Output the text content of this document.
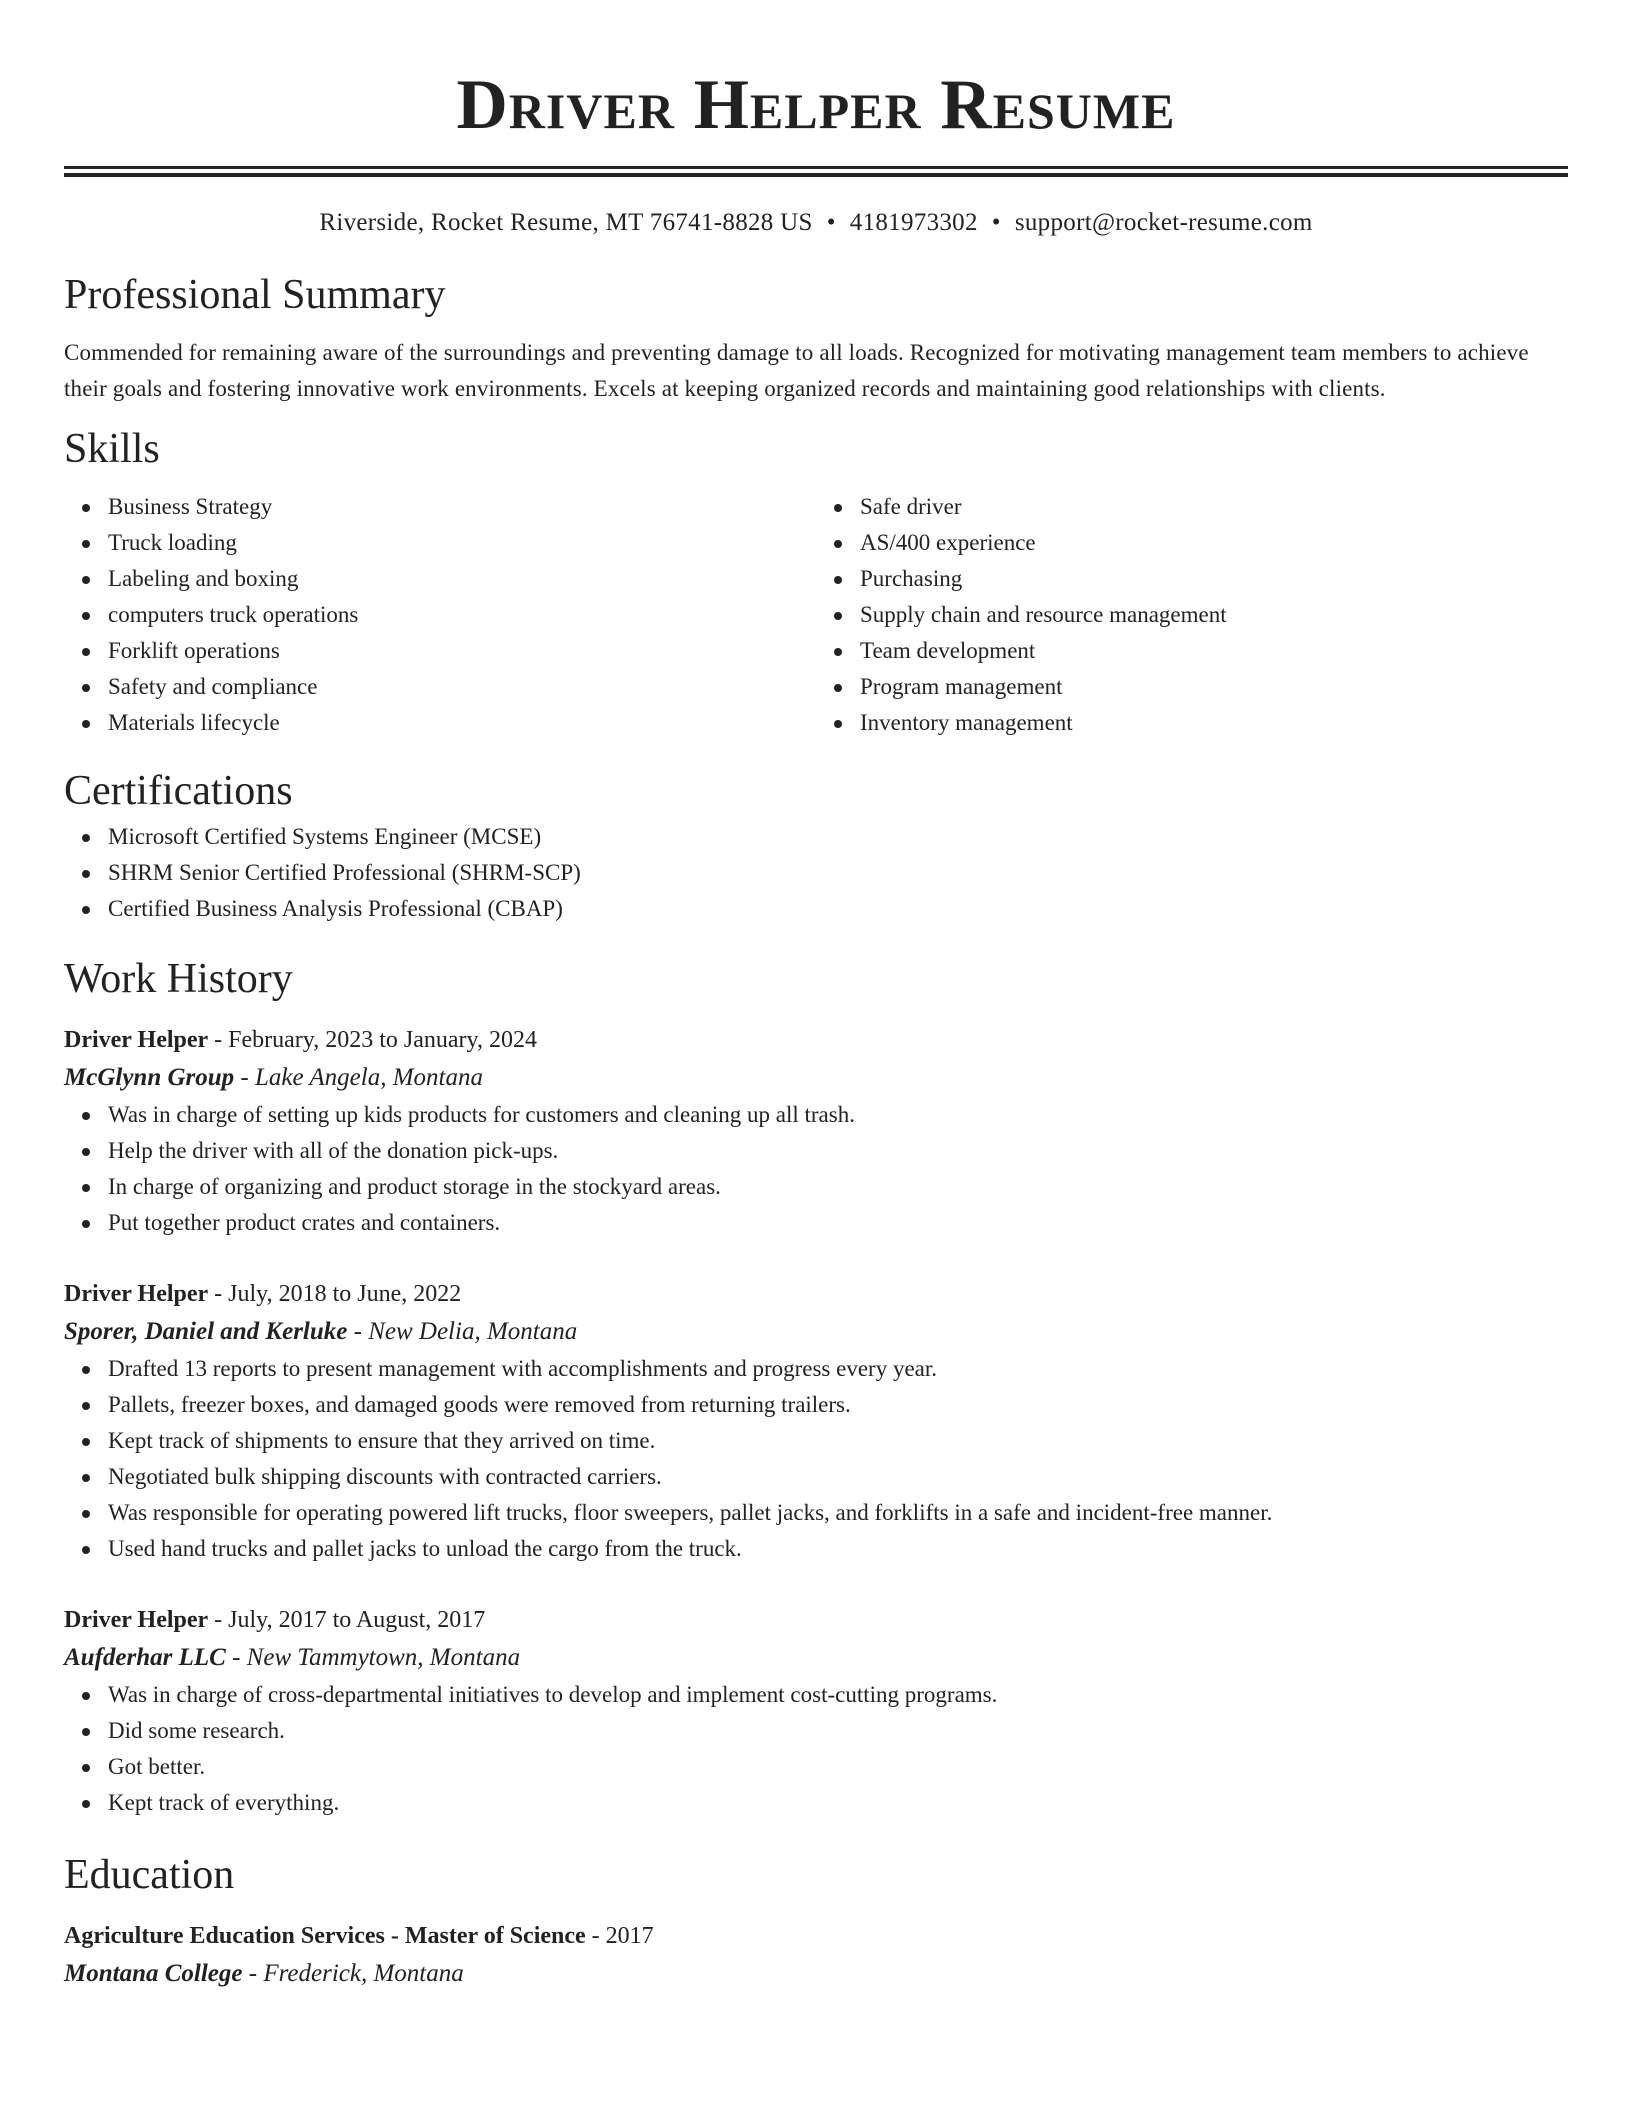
Driver Helper Resume
Riverside, Rocket Resume, MT 76741-8828 US • 4181973302 • support@rocket-resume.com
Professional Summary
Commended for remaining aware of the surroundings and preventing damage to all loads. Recognized for motivating management team members to achieve their goals and fostering innovative work environments. Excels at keeping organized records and maintaining good relationships with clients.
Skills
Business Strategy
Truck loading
Labeling and boxing
computers truck operations
Forklift operations
Safety and compliance
Materials lifecycle
Safe driver
AS/400 experience
Purchasing
Supply chain and resource management
Team development
Program management
Inventory management
Certifications
Microsoft Certified Systems Engineer (MCSE)
SHRM Senior Certified Professional (SHRM-SCP)
Certified Business Analysis Professional (CBAP)
Work History
Driver Helper - February, 2023 to January, 2024
McGlynn Group - Lake Angela, Montana
Was in charge of setting up kids products for customers and cleaning up all trash.
Help the driver with all of the donation pick-ups.
In charge of organizing and product storage in the stockyard areas.
Put together product crates and containers.
Driver Helper - July, 2018 to June, 2022
Sporer, Daniel and Kerluke - New Delia, Montana
Drafted 13 reports to present management with accomplishments and progress every year.
Pallets, freezer boxes, and damaged goods were removed from returning trailers.
Kept track of shipments to ensure that they arrived on time.
Negotiated bulk shipping discounts with contracted carriers.
Was responsible for operating powered lift trucks, floor sweepers, pallet jacks, and forklifts in a safe and incident-free manner.
Used hand trucks and pallet jacks to unload the cargo from the truck.
Driver Helper - July, 2017 to August, 2017
Aufderhar LLC - New Tammytown, Montana
Was in charge of cross-departmental initiatives to develop and implement cost-cutting programs.
Did some research.
Got better.
Kept track of everything.
Education
Agriculture Education Services - Master of Science - 2017
Montana College - Frederick, Montana
